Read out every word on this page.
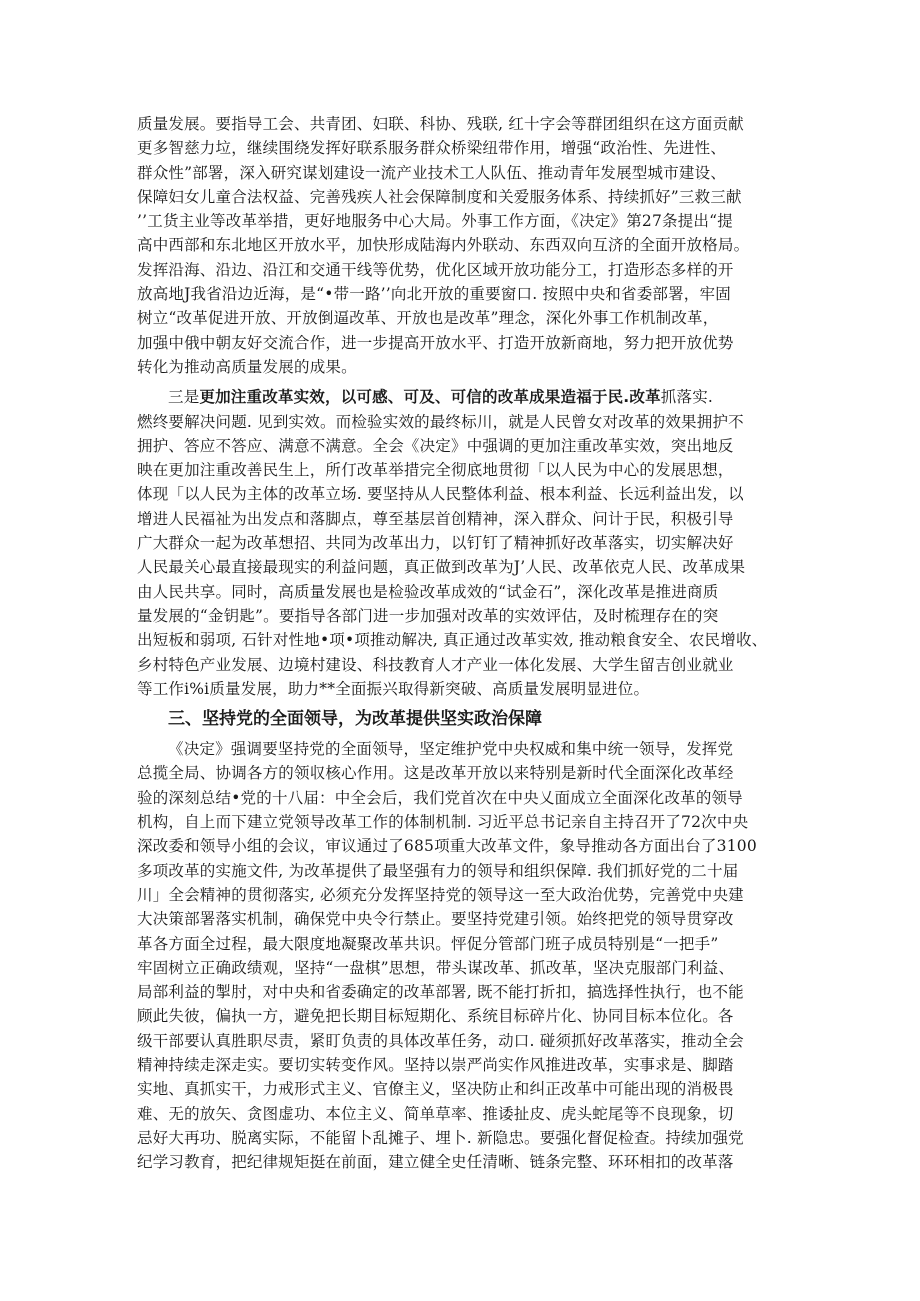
质量发展。要指导工会、共青团、妇联、科协、残联, 红十字会等群团组织在这方面贡献
更多智慈力垃，继续围绕发挥好联系服务群众桥梁纽带作用，增强“政治性、先进性、
群众性”部署，深入研究谋划建设一流产业技术工人队伍、推动青年发展型城市建设、
保障妇女儿童合法权益、完善残疾人社会保障制度和关爱服务体系、持续抓好”三救三献
’’工货主业等改革举措，更好地服务中心大局。外事工作方面，《决定》第27条提出“提
高中西部和东北地区开放水平，加快形成陆海内外联动、东西双向互济的全面开放格局。
发挥沿海、沿边、沿江和交通干线等优势，优化区域开放功能分工，打造形态多样的开
放高地J我省沿边近海，是“•带一路’’向北开放的重要窗口. 按照中央和省委部署，牢固
树立“改革促进开放、开放倒逼改革、开放也是改革”理念，深化外事工作机制改革，
加强中俄中朝友好交流合作，进一步提高开放水平、打造开放新商地，努力把开放优势
转化为推动高质量发展的成果。
三是更加注重改革实效，以可感、可及、可信的改革成果造福于民.改革抓落实.
燃终要解决问题. 见到实效。而检验实效的最终标川，就是人民曾女对改革的效果拥护不
拥护、答应不答应、满意不满意。全会《决定》中强调的更加注重改革实效，突出地反
映在更加注重改善民生上，所仃改革举措完全彻底地贯彻「以人民为中心的发展思想，
体现「以人民为主体的改革立场. 要坚持从人民整体利益、根本利益、长远利益出发，以
增进人民福祉为出发点和落脚点，尊至基层首创精神，深入群众、问计于民，积极引导
广大群众一起为改革想招、共同为改革出力，以钉钉了精神抓好改革落实，切实解决好
人民最关心最直接最现实的利益问题，真正做到改革为J’人民、改革依克人民、改革成果
由人民共享。同时，高质量发展也是检验改革成效的“试金石”，深化改革是推进商质
量发展的“金钥匙”。要指导各部门进一步加强对改革的实效评估，及时梳理存在的突
出短板和弱项, 石针对性地•项•项推动解决, 真正通过改革实效, 推动粮食安全、农民增收、
乡村特色产业发展、边境村建设、科技教育人才产业一体化发展、大学生留吉创业就业
等工作i%i质量发展，助力**全面振兴取得新突破、高质量发展明显进位。
三、坚持党的全面领导，为改革提供坚实政治保障
《决定》强调要坚持党的全面领导，坚定维护党中央权威和集中统一领导，发挥党
总揽全局、协调各方的领収核心作用。这是改革开放以来特别是新时代全面深化改革经
验的深刻总结•党的十八届：中全会后，我们党首次在中央乂面成立全面深化改革的领导
机构，自上而下建立党领导改革工作的体制机制. 习近平总书记亲自主持召开了72次中央
深改委和领导小组的会议，审议通过了685项重大改革文件，象导推动各方面出台了3100
多项改革的实施文件, 为改革提供了最坚强有力的领导和组织保障. 我们抓好党的二十届
川」全会精神的贯彻落实, 必须充分发挥坚持党的领导这一至大政治优势，完善党中央建
大决策部署落实机制，确保党中央令行禁止。要坚持党建引领。始终把党的领导贯穿改
革各方面全过程，最大限度地凝聚改革共识。怦促分管部门班子成员特别是“一把手”
牢固树立正确政绩观，坚持“一盘棋”思想，带头谋改革、抓改革，坚决克服部门利益、
局部利益的掣肘，对中央和省委确定的改革部署, 既不能打折扣，搞选择性执行，也不能
顾此失彼，偏执一方，避免把长期目标短期化、系统目标碎片化、协同目标本位化。各
级干部要认真胜职尽责，紧盯负责的具体改革任务，动口. 碰须抓好改革落实，推动全会
精神持续走深走实。要切实转变作风。坚持以崇严尚实作风推进改革，实事求是、脚踏
实地、真抓实干，力戒形式主义、官僚主义，坚决防止和纠正改革中可能出现的消极畏
难、无的放矢、贪图虚功、本位主义、简单草率、推诿扯皮、虎头蛇尾等不良现象，切
忌好大再功、脱离实际，不能留卜乱摊子、埋卜. 新隐忠。要强化督促检查。持续加强党
纪学习教育，把纪律规矩挺在前面，建立健全史任清晰、链条完整、环环相扣的改革落
